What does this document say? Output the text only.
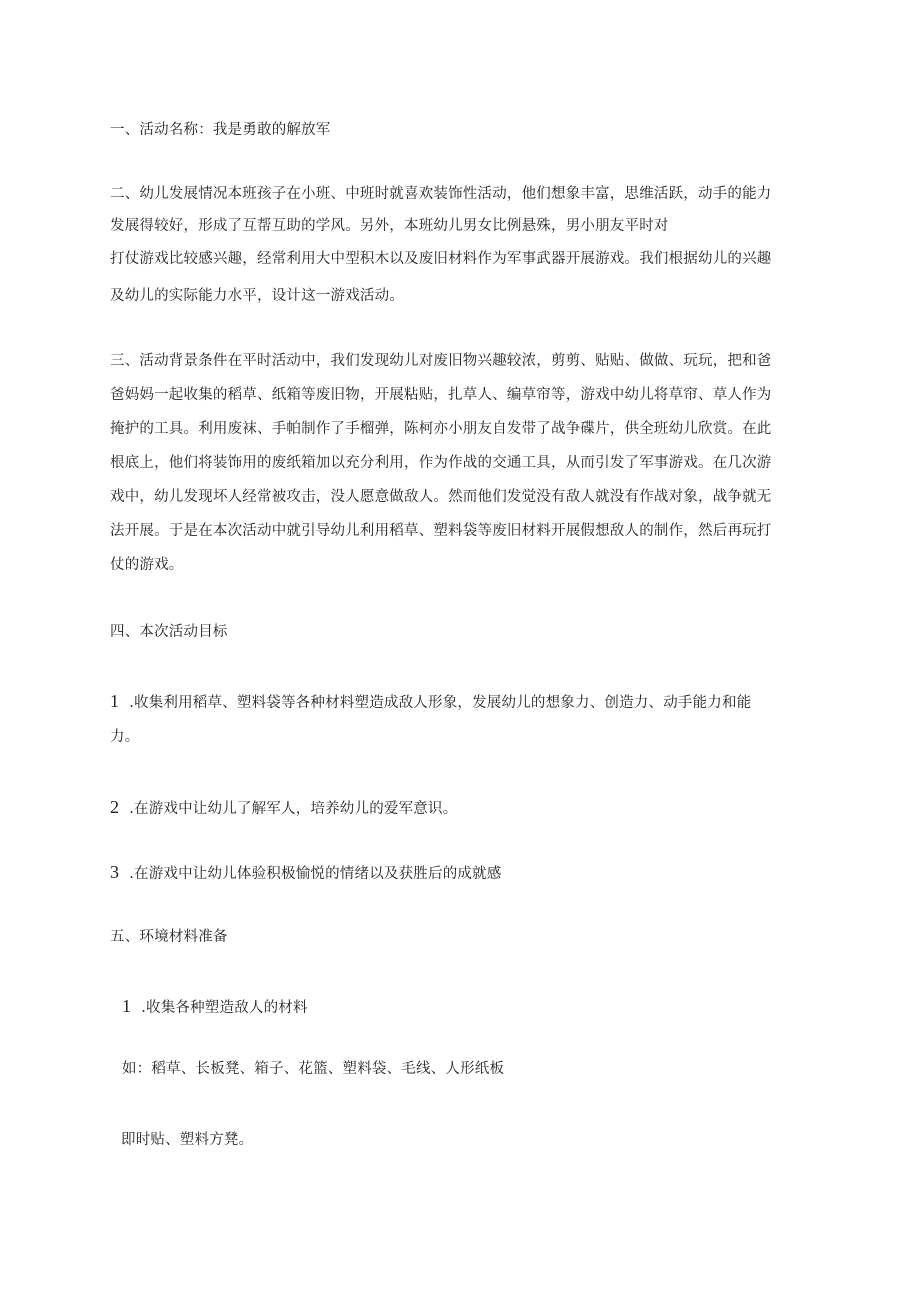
一、活动名称：我是勇敢的解放军
二、幼儿发展情况本班孩子在小班、中班时就喜欢装饰性活动，他们想象丰富，思维活跃，动手的能力
发展得较好，形成了互帮互助的学风。另外，本班幼儿男女比例悬殊，男小朋友平时对
打仗游戏比较感兴趣，经常利用大中型积木以及废旧材料作为军事武器开展游戏。我们根据幼儿的兴趣
及幼儿的实际能力水平，设计这一游戏活动。
三、活动背景条件在平时活动中，我们发现幼儿对废旧物兴趣较浓，剪剪、贴贴、做做、玩玩，把和爸
爸妈妈一起收集的稻草、纸箱等废旧物，开展粘贴，扎草人、编草帘等，游戏中幼儿将草帘、草人作为
掩护的工具。利用废袜、手帕制作了手榴弹，陈柯亦小朋友自发带了战争碟片，供全班幼儿欣赏。在此
根底上，他们将装饰用的废纸箱加以充分利用，作为作战的交通工具，从而引发了军事游戏。在几次游
戏中，幼儿发现坏人经常被攻击，没人愿意做敌人。然而他们发觉没有敌人就没有作战对象，战争就无
法开展。于是在本次活动中就引导幼儿利用稻草、塑料袋等废旧材料开展假想敌人的制作，然后再玩打
仗的游戏。
四、本次活动目标
1 .收集利用稻草、塑料袋等各种材料塑造成敌人形象，发展幼儿的想象力、创造力、动手能力和能
力。
2 .在游戏中让幼儿了解军人，培养幼儿的爱军意识。
3 .在游戏中让幼儿体验积极愉悦的情绪以及获胜后的成就感
五、环境材料准备
1 .收集各种塑造敌人的材料
如：稻草、长板凳、箱子、花篮、塑料袋、毛线、人形纸板
即时贴、塑料方凳。
